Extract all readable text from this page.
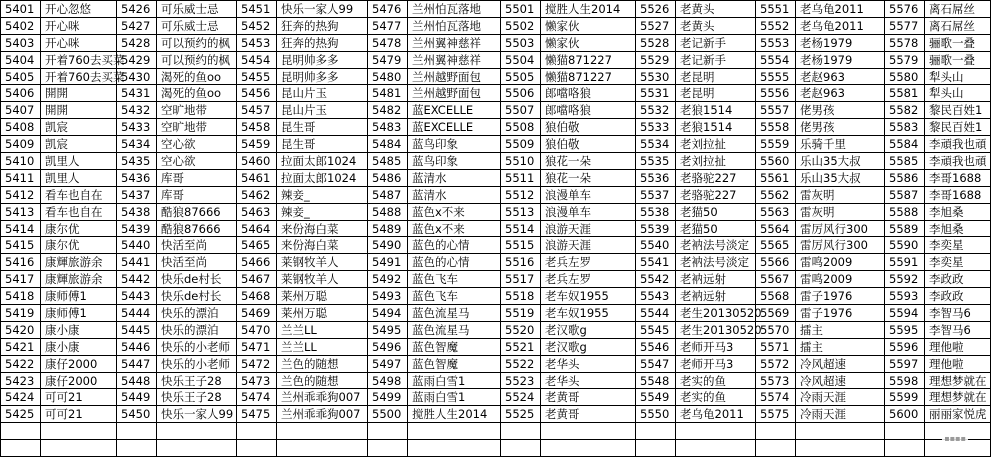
5401	开心忽悠	5426	可乐威士忌	5451	快乐一家人99	5476	兰州怕瓦落地	5501	搅胜人生2014	5526	老黄头	5551	老乌龟2011	5576	离石屌丝
5402	开心咪	5427	可乐威士忌	5452	狂奔的热狗	5477	兰州怕瓦落地	5502	懒家伙	5527	老黄头	5552	老乌龟2011	5577	离石屌丝
5403	开心咪	5428	可以预约的枫	5453	狂奔的热狗	5478	兰州翼神慈祥	5503	懒家伙	5528	老记新手	5553	老杨1979	5578	骊歌一叠
5404	开着760去买菜	5429	可以预约的枫	5454	昆明帅多多	5479	兰州翼神慈祥	5504	懒猫871227	5529	老记新手	5554	老杨1979	5579	骊歌一叠
5405	开着760去买菜	5430	渴死的鱼oo	5455	昆明帅多多	5480	兰州越野面包	5505	懒猫871227	5530	老昆明	5555	老赵963	5580	犁头山
5406	開開	5431	渴死的鱼oo	5456	昆山片玉	5481	兰州越野面包	5506	郎噹咯狼	5531	老昆明	5556	老赵963	5581	犁头山
5407	開開	5432	空旷地带	5457	昆山片玉	5482	蓝EXCELLE	5507	郎噹咯狼	5532	老狼1514	5557	佬男孩	5582	黎民百姓1
5408	凯宸	5433	空旷地带	5458	昆生哥	5483	蓝EXCELLE	5508	狼伯敬	5533	老狼1514	5558	佬男孩	5583	黎民百姓1
5409	凯宸	5434	空心欲	5459	昆生哥	5484	蓝鸟印象	5509	狼伯敬	5534	老刘拉扯	5559	乐骑千里	5584	李頑我也頑
5410	凯里人	5435	空心欲	5460	拉面太郎1024	5485	蓝鸟印象	5510	狼花一朵	5535	老刘拉扯	5560	乐山35大叔	5585	李頑我也頑
5411	凯里人	5436	库哥	5461	拉面太郎1024	5486	蓝清水	5511	狼花一朵	5536	老骆驼227	5561	乐山35大叔	5586	李哥1688
5412	看车也自在	5437	库哥	5462	辣妾_	5487	蓝清水	5512	浪漫单车	5537	老骆驼227	5562	雷灰明	5587	李哥1688
5413	看车也自在	5438	酷狼87666	5463	辣妾_	5488	蓝色x不来	5513	浪漫单车	5538	老猫50	5563	雷灰明	5588	李旭桑
5414	康尔优	5439	酷狼87666	5464	来份海白菜	5489	蓝色x不来	5514	浪游天涯	5539	老猫50	5564	雷厉风行300	5589	李旭桑
5415	康尔优	5440	快活至尚	5465	来份海白菜	5490	蓝色的心情	5515	浪游天涯	5540	老衲法号淡定	5565	雷厉风行300	5590	李奕星
5416	康輝旅游余	5441	快活至尚	5466	莱钢牧羊人	5491	蓝色的心情	5516	老兵左罗	5541	老衲法号淡定	5566	雷鸣2009	5591	李奕星
5417	康輝旅游余	5442	快乐de村长	5467	莱钢牧羊人	5492	蓝色飞车	5517	老兵左罗	5542	老衲远射	5567	雷鸣2009	5592	李政政
5418	康师傅1	5443	快乐de村长	5468	莱州万聪	5493	蓝色飞车	5518	老车奴1955	5543	老衲远射	5568	雷子1976	5593	李政政
5419	康师傅1	5444	快乐的漂泊	5469	莱州万聪	5494	蓝色流星马	5519	老车奴1955	5544	老生20130520	5569	雷子1976	5594	李智马6
5420	康小康	5445	快乐的漂泊	5470	兰兰LL	5495	蓝色流星马	5520	老汉歌g	5545	老生20130520	5570	擂主	5595	李智马6
5421	康小康	5446	快乐的小老师	5471	兰兰LL	5496	蓝色智魔	5521	老汉歌g	5546	老师开马3	5571	擂主	5596	理他啦
5422	康仔2000	5447	快乐的小老师	5472	兰色的随想	5497	蓝色智魔	5522	老华头	5547	老师开马3	5572	冷风超速	5597	理他啦
5423	康仔2000	5448	快乐王子28	5473	兰色的随想	5498	蓝雨白雪1	5523	老华头	5548	老实的鱼	5573	冷风超速	5598	理想梦就在
5424	可可21	5449	快乐王子28	5474	兰州乖乖狗007	5499	蓝雨白雪1	5524	老黄哥	5549	老实的鱼	5574	冷雨天涯	5599	理想梦就在
5425	可可21	5450	快乐一家人99	5475	兰州乖乖狗007	5500	搅胜人生2014	5525	老黄哥	5550	老乌龟2011	5575	冷雨天涯	5600	丽丽家悦虎

▪▪▪▪
